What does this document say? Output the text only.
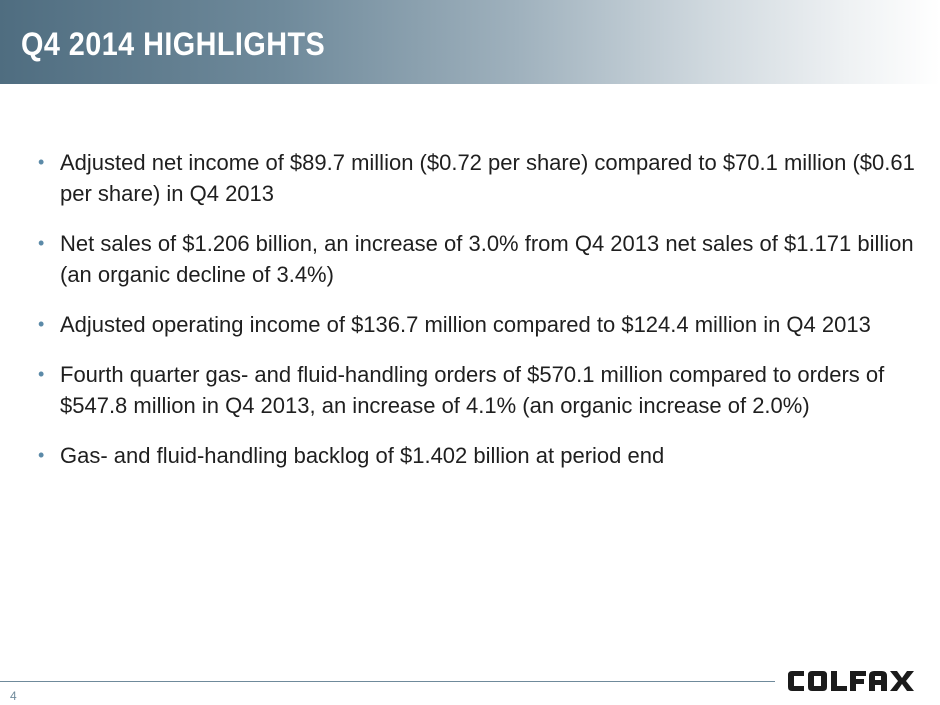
Q4 2014 HIGHLIGHTS
• Adjusted net income of $89.7 million ($0.72 per share) compared to $70.1 million ($0.61 per share) in Q4 2013
• Net sales of $1.206 billion, an increase of 3.0% from Q4 2013 net sales of $1.171 billion (an organic decline of 3.4%)
• Adjusted operating income of $136.7 million compared to $124.4 million in Q4 2013
• Fourth quarter gas- and fluid-handling orders of $570.1 million compared to orders of $547.8 million in Q4 2013, an increase of 4.1% (an organic increase of 2.0%)
• Gas- and fluid-handling backlog of $1.402 billion at period end
4
